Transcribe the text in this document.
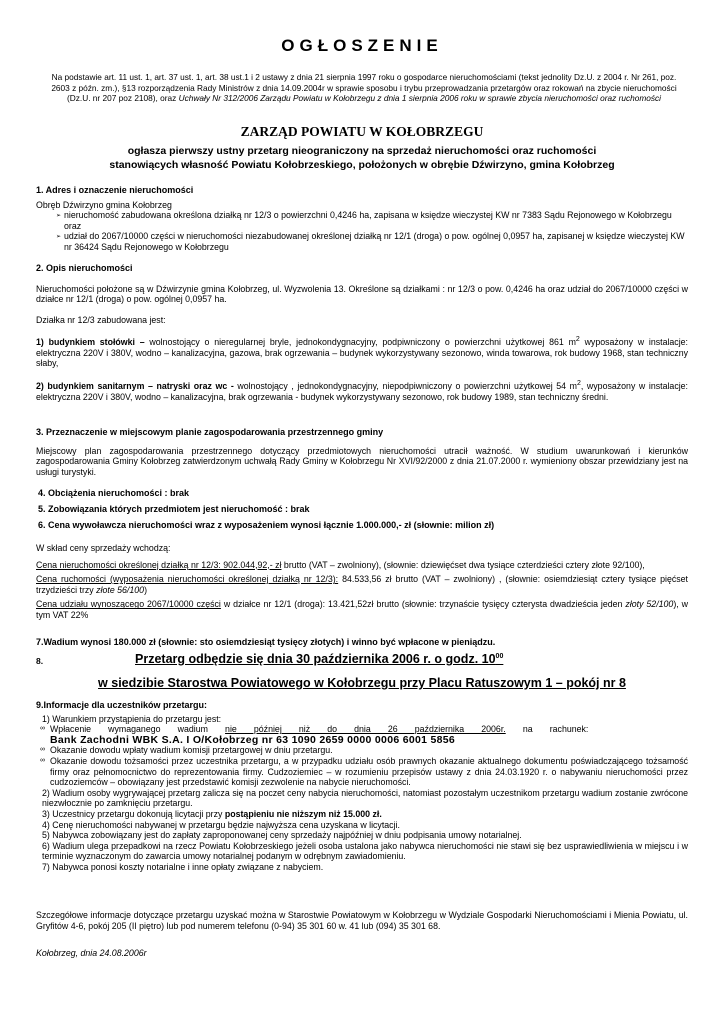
OGŁOSZENIE
Na podstawie art. 11 ust. 1, art. 37 ust. 1, art. 38 ust.1 i 2 ustawy z dnia 21 sierpnia 1997 roku o gospodarce nieruchomościami (tekst jednolity Dz.U. z 2004 r. Nr 261, poz. 2603 z późn. zm.), §13 rozporządzenia Rady Ministrów z dnia 14.09.2004r w sprawie sposobu i trybu przeprowadzania przetargów oraz rokowań na zbycie nieruchomości (Dz.U. nr 207 poz 2108), oraz Uchwały Nr 312/2006 Zarządu Powiatu w Kołobrzegu z dnia 1 sierpnia 2006 roku w sprawie zbycia nieruchomości oraz ruchomości
ZARZĄD POWIATU W KOŁOBRZEGU
ogłasza pierwszy ustny przetarg nieograniczony na sprzedaż nieruchomości oraz ruchomości
stanowiących własność Powiatu Kołobrzeskiego, położonych w obrębie Dźwirzyno, gmina Kołobrzeg
1. Adres i oznaczenie nieruchomości
Obręb Dźwirzyno gmina Kołobrzeg
➢ nieruchomość zabudowana określona działką nr 12/3 o powierzchni 0,4246 ha, zapisana w księdze wieczystej KW nr 7383 Sądu Rejonowego w Kołobrzegu oraz
➢ udział do 2067/10000 części w nieruchomości niezabudowanej określonej działką nr 12/1 (droga) o pow. ogólnej 0,0957 ha, zapisanej w księdze wieczystej KW nr 36424 Sądu Rejonowego w Kołobrzegu
2. Opis nieruchomości
Nieruchomości położone są w Dźwirzynie gmina Kołobrzeg, ul. Wyzwolenia 13. Określone są działkami : nr 12/3 o pow. 0,4246 ha oraz udział do 2067/10000 części w działce nr 12/1 (droga) o pow. ogólnej 0,0957 ha.
Działka nr 12/3 zabudowana jest:
1) budynkiem stołówki – wolnostojący o nieregularnej bryle, jednokondygnacyjny, podpiwniczony o powierzchni użytkowej 861 $m^2$ wyposażony w instalacje: elektryczna 220V i 380V, wodno – kanalizacyjna, gazowa, brak ogrzewania – budynek wykorzystywany sezonowo, winda towarowa, rok budowy 1968, stan techniczny słaby,
2) budynkiem sanitarnym – natryski oraz wc - wolnostojący , jednokondygnacyjny, niepodpiwniczony o powierzchni użytkowej 54 $m^2$, wyposażony w instalacje: elektryczna 220V i 380V, wodno – kanalizacyjna, brak ogrzewania - budynek wykorzystywany sezonowo, rok budowy 1989, stan techniczny średni.
3. Przeznaczenie w miejscowym planie zagospodarowania przestrzennego gminy
Miejscowy plan zagospodarowania przestrzennego dotyczący przedmiotowych nieruchomości utracił ważność. W studium uwarunkowań i kierunków zagospodarowania Gminy Kołobrzeg zatwierdzonym uchwałą Rady Gminy w Kołobrzegu Nr XVI/92/2000 z dnia 21.07.2000 r. wymieniony obszar przewidziany jest na usługi turystyki.
4. Obciążenia nieruchomości : brak
5. Zobowiązania których przedmiotem jest nieruchomość : brak
6. Cena wywoławcza nieruchomości wraz z wyposażeniem wynosi łącznie 1.000.000,- zł (słownie: milion zł)
W skład ceny sprzedaży wchodzą:
Cena nieruchomości określonej działką nr 12/3: 902.044,92,- zł brutto (VAT – zwolniony), (słownie: dziewięćset dwa tysiące czterdzieści cztery złote 92/100),
Cena ruchomości (wyposażenia nieruchomości określonej działką nr 12/3): 84.533,56 zł brutto (VAT – zwolniony) , (słownie: osiemdziesiąt cztery tysiące pięćset trzydzieści trzy złote 56/100)
Cena udziału wynoszącego 2067/10000 części w działce nr 12/1 (droga): 13.421,52zł brutto (słownie: trzynaście tysięcy czterysta dwadzieścia jeden złoty 52/100), w tym VAT 22%
7.Wadium wynosi 180.000 zł (słownie: sto osiemdziesiąt tysięcy złotych) i winno być wpłacone w pieniądzu.
8.	Przetarg odbędzie się dnia 30 października 2006 r. o godz. $10^{00}$
w siedzibie Starostwa Powiatowego w Kołobrzegu przy Placu Ratuszowym 1 – pokój nr 8
9.Informacje dla uczestników przetargu:
1) Warunkiem przystąpienia do przetargu jest:
∞ Wpłacenie       wymaganego       wadium       nie       później       niż       do       dnia       26       października       2006r.       na       rachunek:
Bank Zachodni WBK S.A. I O/Kołobrzeg nr 63 1090 2659 0000 0006 6001 5856
∞ Okazanie dowodu wpłaty wadium komisji przetargowej w dniu przetargu.
∞ Okazanie dowodu tożsamości przez uczestnika przetargu, a w przypadku udziału osób prawnych okazanie aktualnego dokumentu poświadczającego tożsamość firmy oraz pełnomocnictwo do reprezentowania firmy. Cudzoziemiec – w rozumieniu przepisów ustawy z dnia 24.03.1920 r. o nabywaniu nieruchomości przez cudzoziemców – obowiązany jest przedstawić komisji zezwolenie na nabycie nieruchomości.
2) Wadium osoby wygrywającej przetarg zalicza się na poczet ceny nabycia nieruchomości, natomiast pozostałym uczestnikom przetargu wadium zostanie zwrócone niezwłocznie po zamknięciu przetargu.
3) Uczestnicy przetargu dokonują licytacji przy postąpieniu nie niższym niż 15.000 zł.
4) Cenę nieruchomości nabywanej w przetargu będzie najwyższa cena uzyskana w licytacji.
5) Nabywca zobowiązany jest do zapłaty zaproponowanej ceny sprzedaży najpóźniej w dniu podpisania umowy notarialnej.
6) Wadium ulega przepadkowi na rzecz Powiatu Kołobrzeskiego jeżeli osoba ustalona jako nabywca nieruchomości nie stawi się bez usprawiedliwienia w miejscu i w terminie wyznaczonym do zawarcia umowy notarialnej podanym w odrębnym zawiadomieniu.
7) Nabywca ponosi koszty notarialne i inne opłaty związane z nabyciem.
Szczegółowe informacje dotyczące przetargu uzyskać można w Starostwie Powiatowym w Kołobrzegu w Wydziale Gospodarki Nieruchomościami i Mienia Powiatu, ul. Gryfitów 4-6, pokój 205 (II piętro) lub pod numerem telefonu (0-94) 35 301 60 w. 41 lub (094) 35 301 68.
Kołobrzeg, dnia 24.08.2006r
